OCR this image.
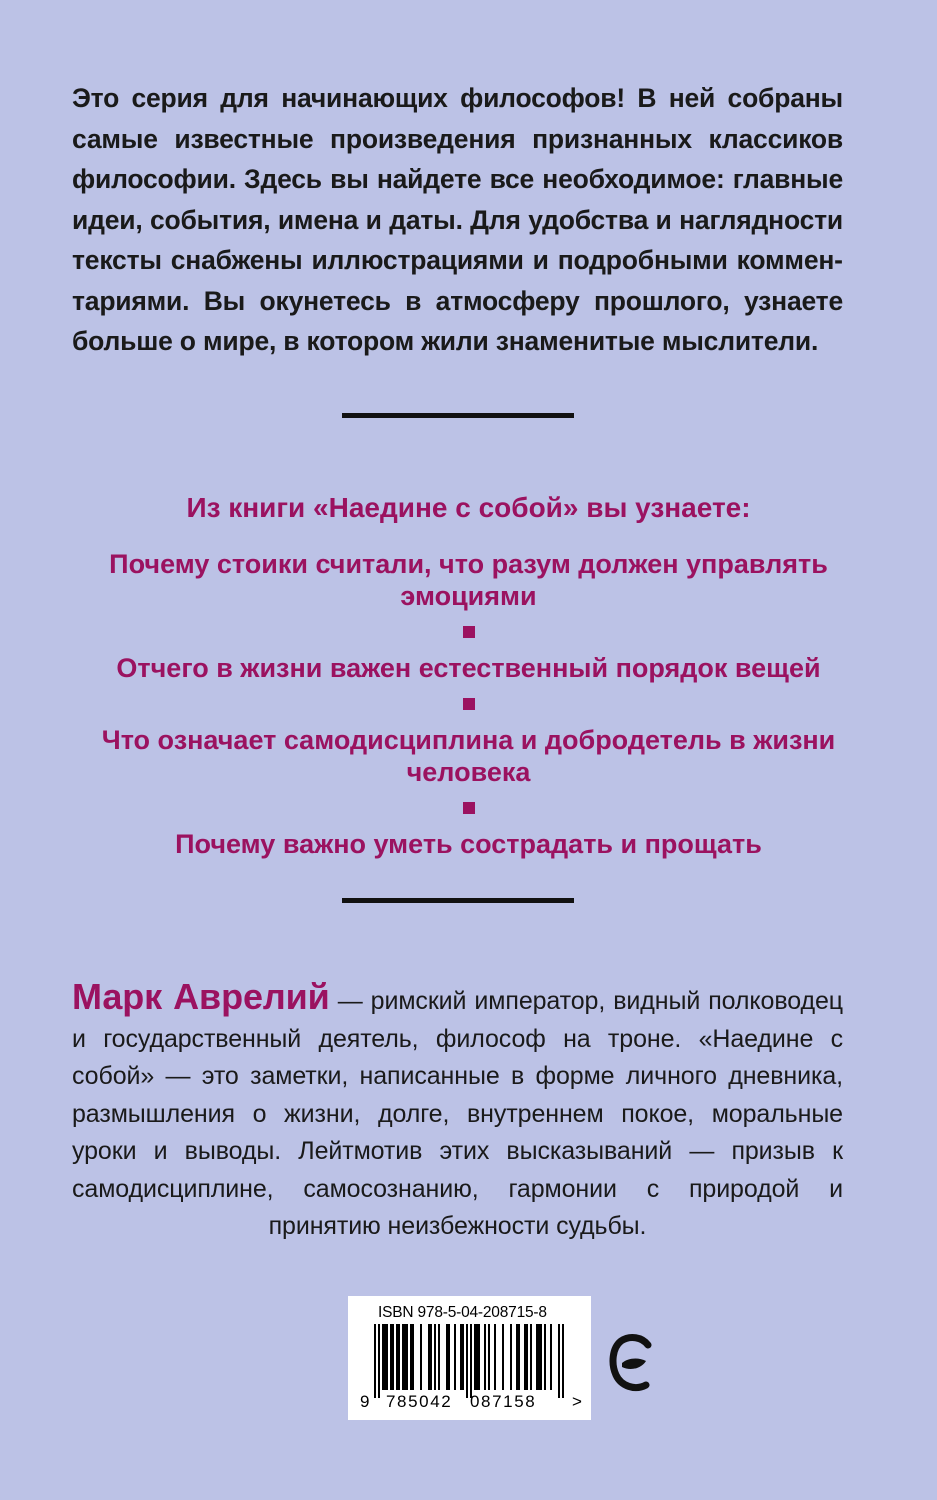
Это серия для начинающих философов! В ней собраны самые известные произведения признанных классиков философии. Здесь вы найдете все необходимое: главные идеи, события, имена и даты. Для удобства и наглядности тексты снабжены иллюстрациями и подробными комментариями. Вы окунетесь в атмосферу прошлого, узнаете больше о мире, в котором жили знаменитые мыслители.

Из книги «Наедине с собой» вы узнаете:

Почему стоики считали, что разум должен управлять эмоциями

Отчего в жизни важен естественный порядок вещей

Что означает самодисциплина и добродетель в жизни человека

Почему важно уметь сострадать и прощать

Марк Аврелий — римский император, видный полководец и государственный деятель, философ на троне. «Наедине с собой» — это заметки, написанные в форме личного дневника, размышления о жизни, долге, внутреннем покое, моральные уроки и выводы. Лейтмотив этих высказываний — призыв к самодисциплине, самосознанию, гармонии с природой и принятию неизбежности судьбы.
ISBN 978-5-04-208715-8
9 785042 087158 >
